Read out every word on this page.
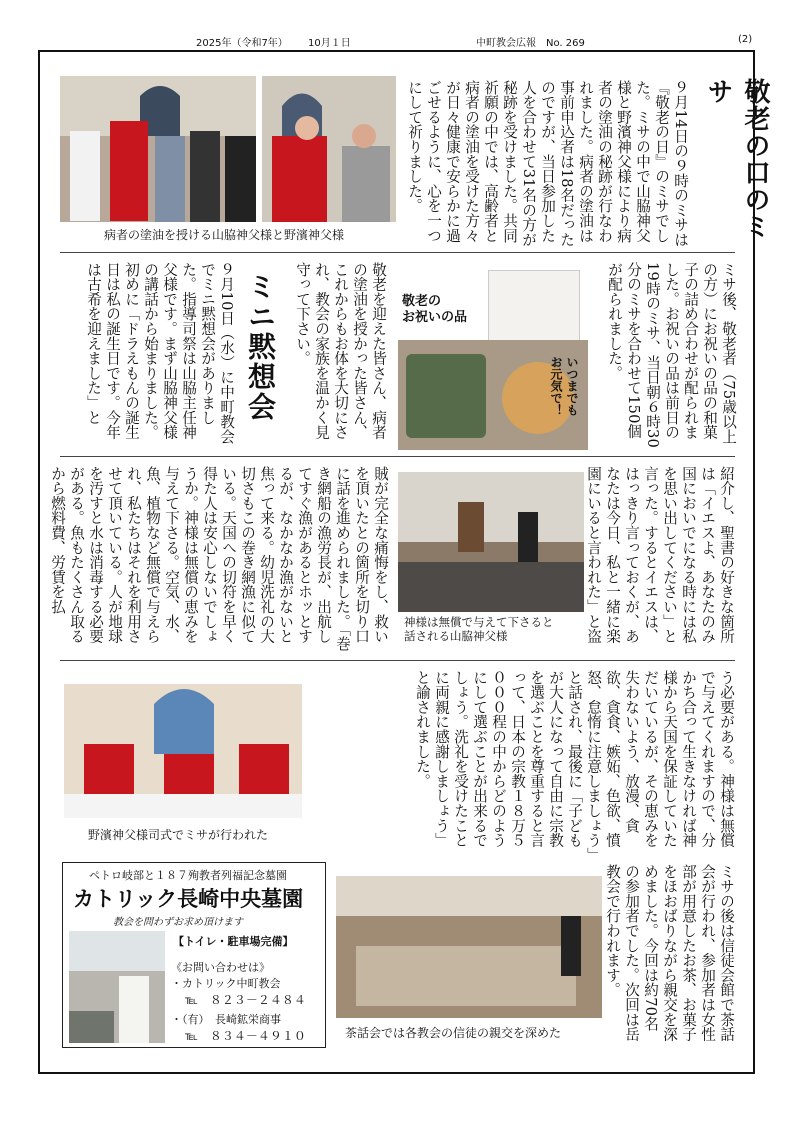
2025年（令和7年） 10月１日	中町教会広報　No. 269	(2)
敬老の口のミサ
９月14日の９時のミサは『敬老の日』のミサでした。ミサの中で山脇神父様と野濱神父様により病者の塗油の秘跡が行なわれました。病者の塗油は事前申込者は18名だったのですが、当日参加した人を合わせて31名の方が秘跡を受けました。共同祈願の中では、高齢者と病者の塗油を受けた方々が日々健康で安らかに過ごせるように、心を一つにして祈りました。
病者の塗油を授ける山脇神父様と野濱神父様
ミサ後、敬老者（75歳以上の方）にお祝いの品の和菓子の詰め合わせが配られました。お祝いの品は前日の19時のミサ、当日朝６時30分のミサを合わせて150個が配られました。
敬老の
お祝いの品
いつまでも
お元気で！
敬老を迎えた皆さん、病者の塗油を授かった皆さん、これからもお体を大切にされ、教会の家族を温かく見守って下さい。
ミニ黙想会
９月10日（水）に中町教会でミニ黙想会がありました。指導司祭は山脇主任神父様です。まず山脇神父様の講話から始まりました。初めに「ドラえもんの誕生日は私の誕生日です。今年は古希を迎えました」と
紹介し、聖書の好きな箇所は「イエスよ、あなたのみ国においでになる時には私を思い出してください」と言った。するとイエスは、はっきり言っておくが、あなたは今日、私と一緒に楽園にいると言われた」と盗
神様は無償で与えて下さると
話される山脇神父様
賊が完全な痛悔をし、救いを頂いたとの箇所を切り口に話を進められました。「巻き網船の漁労長が、出航してすぐ漁があるとホッとするが、なかなか漁がないと焦って来る。幼児洗礼の大切さもこの巻き網漁に似ている。天国への切符を早く得た人は安心しないでしょうか。神様は無償の恵みを与えて下さる。空気、水、魚、植物など無償で与えられ、私たちはそれを利用させて頂いている。人が地球を汚すと水は消毒する必要がある。魚もたくさん取るから燃料費、労賃を払
う必要がある。神様は無償で与えてくれますので、分かち合って生きなければ神様から天国を保証していただいているが、その恵みを失わないよう、放漫、貪欲、貪食、嫉妬、色欲、憤怒、怠惰に注意しましょう」と話され、最後に「子どもが大人になって自由に宗教を選ぶことを尊重すると言って、日本の宗教１８万５０００程の中からどのようにして選ぶことが出来るでしょう。洗礼を受けたことに両親に感謝しましょう」と諭されました。
野濱神父様司式でミサが行われた
ミサの後は信徒会館で茶話会が行われ、参加者は女性部が用意したお茶、お菓子をほおばりながら親交を深めました。今回は約70名の参加者でした。次回は岳教会で行われます。
茶話会では各教会の信徒の親交を深めた
ペトロ岐部と１８７殉教者列福記念墓園
カトリック長崎中央墓園
教会を問わずお求め頂けます
【トイレ・駐車場完備】
《お問い合わせは》
・カトリック中町教会
℡　８２３－２４８４
・（有）　長崎鉱栄商事
℡　８３４－４９１０
